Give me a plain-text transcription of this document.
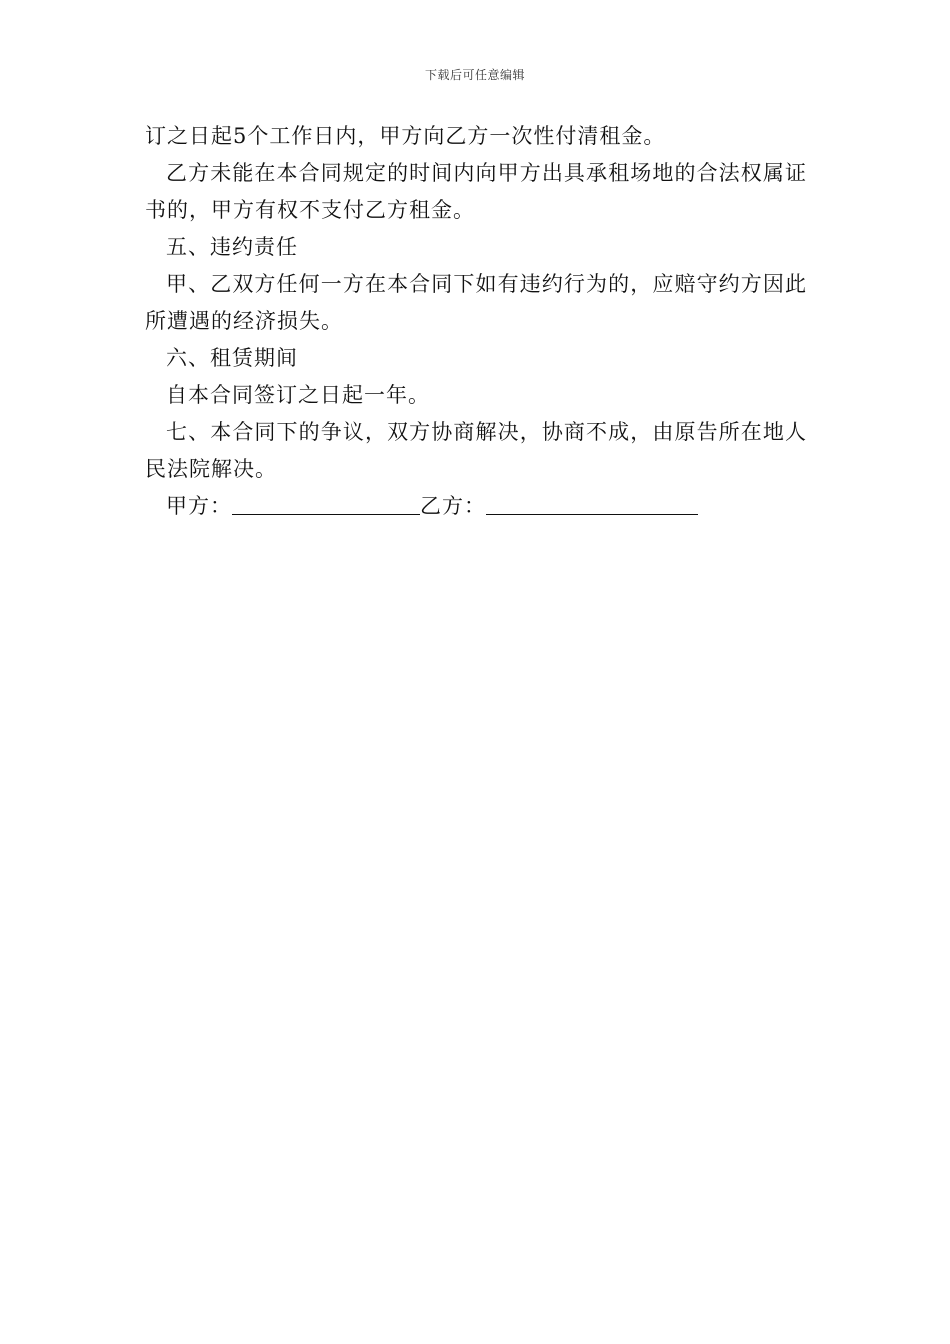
下载后可任意编辑

订之日起5个工作日内，甲方向乙方一次性付清租金。

乙方未能在本合同规定的时间内向甲方出具承租场地的合法权属证书的，甲方有权不支付乙方租金。

五、违约责任

甲、乙双方任何一方在本合同下如有违约行为的，应赔守约方因此所遭遇的经济损失。

六、租赁期间

自本合同签订之日起一年。

七、本合同下的争议，双方协商解决，协商不成，由原告所在地人民法院解决。

甲方：	乙方：
